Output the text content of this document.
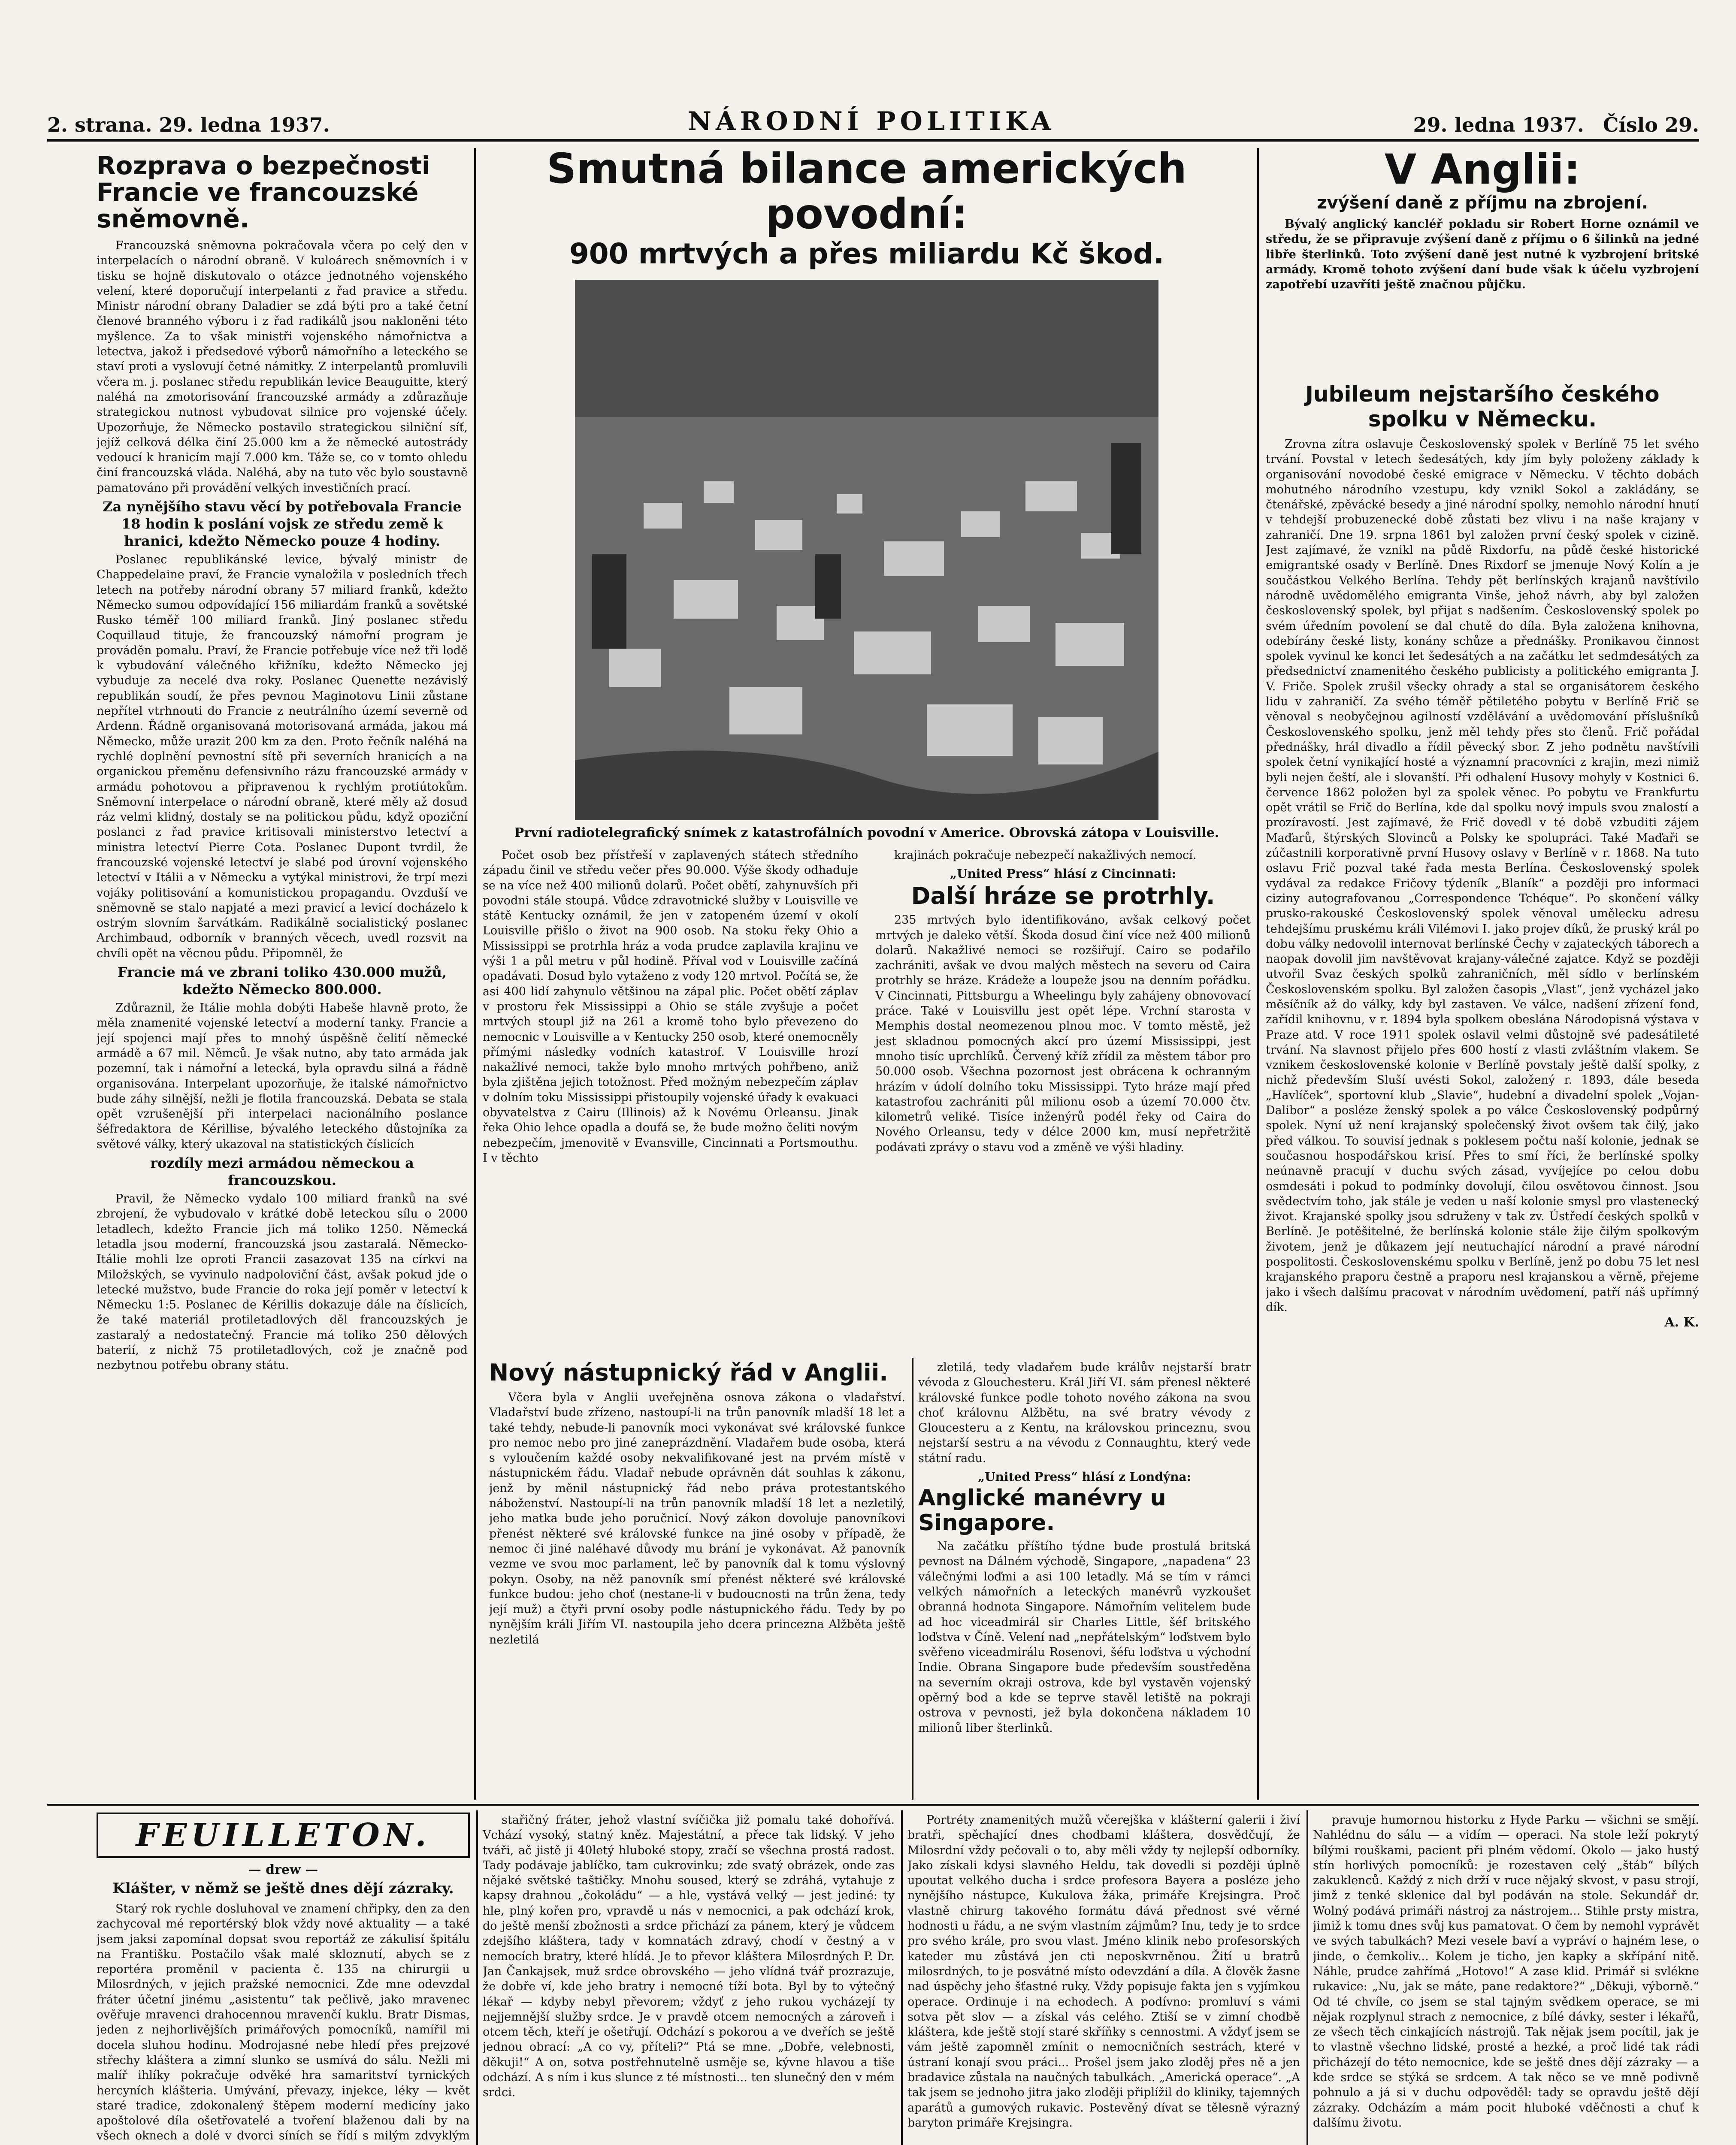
2. strana. 29. ledna 1937.	NÁRODNÍ POLITIKA	29. ledna 1937. Číslo 29.
Rozprava o bezpečnosti Francie ve francouzské sněmovně.

Francouzská sněmovna pokračovala včera po celý den v interpelacích o národní obraně. V kuloárech sněmovních i v tisku se hojně diskutovalo o otázce jednotného vojenského velení, které doporučují interpelanti z řad pravice a středu. Ministr národní obrany Daladier se zdá býti pro a také četní členové branného výboru i z řad radikálů jsou nakloněni této myšlence. Za to však ministři vojenského námořnictva a letectva, jakož i předsedové výborů námořního a leteckého se staví proti a vyslovují četné námitky. Z interpelantů promluvili včera m. j. poslanec středu republikán levice Beauguitte, který naléhá na zmotorisování francouzské armády a zdůrazňuje strategickou nutnost vybudovat silnice pro vojenské účely. Upozorňuje, že Německo postavilo strategickou silniční síť, jejíž celková délka činí 25.000 km a že německé autostrády vedoucí k hranicím mají 7.000 km. Táže se, co v tomto ohledu činí francouzská vláda. Naléhá, aby na tuto věc bylo soustavně pamatováno při provádění velkých investičních prací.

Za nynějšího stavu věcí by potřebovala Francie 18 hodin k poslání vojsk ze středu země k hranici, kdežto Německo pouze 4 hodiny.

Poslanec republikánské levice, bývalý ministr de Chappedelaine praví, že Francie vynaložila v posledních třech letech na potřeby národní obrany 57 miliard franků, kdežto Německo sumou odpovídající 156 miliardám franků a sovětské Rusko téměř 100 miliard franků. Jiný poslanec středu Coquillaud tituje, že francouzský námořní program je prováděn pomalu. Praví, že Francie potřebuje více než tři lodě k vybudování válečného křižníku, kdežto Německo jej vybuduje za necelé dva roky. Poslanec Quenette nezávislý republikán soudí, že přes pevnou Maginotovu Linii zůstane nepřítel vtrhnouti do Francie z neutrálního území severně od Ardenn. Řádně organisovaná motorisovaná armáda, jakou má Německo, může urazit 200 km za den. Proto řečník naléhá na rychlé doplnění pevnostní sítě při severních hranicích a na organickou přeměnu defensivního rázu francouzské armády v armádu pohotovou a připravenou k rychlým protiútokům. Sněmovní interpelace o národní obraně, které měly až dosud ráz velmi klidný, dostaly se na politickou půdu, když opoziční poslanci z řad pravice kritisovali ministerstvo letectví a ministra letectví Pierre Cota. Poslanec Dupont tvrdil, že francouzské vojenské letectví je slabé pod úrovní vojenského letectví v Itálii a v Německu a vytýkal ministrovi, že trpí mezi vojáky politisování a komunistickou propagandu. Ovzduší ve sněmovně se stalo napjaté a mezi pravicí a levicí docházelo k ostrým slovním šarvátkám. Radikálně socialistický poslanec Archimbaud, odborník v branných věcech, uvedl rozsvit na chvíli opět na věcnou půdu. Připomněl, že

Francie má ve zbrani toliko 430.000 mužů, kdežto Německo 800.000.

Zdůraznil, že Itálie mohla dobýti Habeše hlavně proto, že měla znamenité vojenské letectví a moderní tanky. Francie a její spojenci mají přes to mnohý úspěšně čelití německé armádě a 67 mil. Němců. Je však nutno, aby tato armáda jak pozemní, tak i námořní a letecká, byla opravdu silná a řádně organisována. Interpelant upozorňuje, že italské námořnictvo bude záhy silnější, nežli je flotila francouzská. Debata se stala opět vzrušenější při interpelaci nacionálního poslance šéfredaktora de Kérillise, bývalého leteckého důstojníka za světové války, který ukazoval na statistických číslicích

rozdíly mezi armádou německou a francouzskou.

Pravil, že Německo vydalo 100 miliard franků na své zbrojení, že vybudovalo v krátké době leteckou sílu o 2000 letadlech, kdežto Francie jich má toliko 1250. Německá letadla jsou moderní, francouzská jsou zastaralá. Německo-Itálie mohli lze oproti Francii zasazovat 135 na církvi na Miložských, se vyvinulo nadpoloviční část, avšak pokud jde o letecké mužstvo, bude Francie do roka její poměr v letectví k Německu 1:5. Poslanec de Kérillis dokazuje dále na číslicích, že také materiál protiletadlových děl francouzských je zastaralý a nedostatečný. Francie má toliko 250 dělových baterií, z nichž 75 protiletadlových, což je značně pod nezbytnou potřebu obrany státu.

Smutná bilance amerických povodní:
900 mrtvých a přes miliardu Kč škod.
První radiotelegrafický snímek z katastrofálních povodní v Americe. Obrovská zátopa v Louisville.

Počet osob bez přístřeší v zaplavených státech středního západu činil ve středu večer přes 90.000. Výše škody odhaduje se na více než 400 milionů dolarů. Počet obětí, zahynuvších při povodni stále stoupá. Vůdce zdravotnické služby v Louisville ve státě Kentucky oznámil, že jen v zatopeném území v okolí Louisville přišlo o život na 900 osob. Na stoku řeky Ohio a Mississippi se protrhla hráz a voda prudce zaplavila krajinu ve výši 1 a půl metru v půl hodině. Příval vod v Louisville začíná opadávati. Dosud bylo vytaženo z vody 120 mrtvol. Počítá se, že asi 400 lidí zahynulo většinou na zápal plic. Počet obětí záplav v prostoru řek Mississippi a Ohio se stále zvyšuje a počet mrtvých stoupl již na 261 a kromě toho bylo převezeno do nemocnic v Louisville a v Kentucky 250 osob, které onemocněly přímými následky vodních katastrof. V Louisville hrozí nakažlivé nemoci, takže bylo mnoho mrtvých pohřbeno, aniž byla zjištěna jejich totožnost. Před možným nebezpečím záplav v dolním toku Mississippi přistoupily vojenské úřady k evakuaci obyvatelstva z Cairu (Illinois) až k Novému Orleansu. Jinak řeka Ohio lehce opadla a doufá se, že bude možno čeliti novým nebezpečím, jmenovitě v Evansville, Cincinnati a Portsmouthu. I v těchto

krajinách pokračuje nebezpečí nakažlivých nemocí.

„United Press“ hlásí z Cincinnati:
Další hráze se protrhly.

235 mrtvých bylo identifikováno, avšak celkový počet mrtvých je daleko větší. Škoda dosud činí více než 400 milionů dolarů. Nakažlivé nemoci se rozšiřují. Cairo se podařilo zachrániti, avšak ve dvou malých městech na severu od Caira protrhly se hráze. Krádeže a loupeže jsou na denním pořádku. V Cincinnati, Pittsburgu a Wheelingu byly zahájeny obnovovací práce. Také v Louisvillu jest opět lépe. Vrchní starosta v Memphis dostal neomezenou plnou moc. V tomto městě, jež jest skladnou pomocných akcí pro území Mississippi, jest mnoho tisíc uprchlíků. Červený kříž zřídil za městem tábor pro 50.000 osob. Všechna pozornost jest obrácena k ochranným hrázím v údolí dolního toku Mississippi. Tyto hráze mají před katastrofou zachrániti půl milionu osob a území 70.000 čtv. kilometrů veliké. Tisíce inženýrů podél řeky od Caira do Nového Orleansu, tedy v délce 2000 km, musí nepřetržitě podávati zprávy o stavu vod a změně ve výši hladiny.

V Anglii:
zvýšení daně z příjmu na zbrojení.

Bývalý anglický kancléř pokladu sir Robert Horne oznámil ve středu, že se připravuje zvýšení daně z příjmu o 6 šilinků na jedné libře šterlinků. Toto zvýšení daně jest nutné k vyzbrojení britské armády. Kromě tohoto zvýšení daní bude však k účelu vyzbrojení zapotřebí uzavříti ještě značnou půjčku.

Jubileum nejstaršího českého spolku v Německu.

Zrovna zítra oslavuje Československý spolek v Berlíně 75 let svého trvání. Povstal v letech šedesátých, kdy jím byly položeny základy k organisování novodobé české emigrace v Německu. V těchto dobách mohutného národního vzestupu, kdy vznikl Sokol a zakládány, se čtenářské, zpěvácké besedy a jiné národní spolky, nemohlo národní hnutí v tehdejší probuzenecké době zůstati bez vlivu i na naše krajany v zahraničí. Dne 19. srpna 1861 byl založen první český spolek v cizině. Jest zajímavé, že vznikl na půdě Rixdorfu, na půdě české historické emigrantské osady v Berlíně. Dnes Rixdorf se jmenuje Nový Kolín a je součástkou Velkého Berlína. Tehdy pět berlínských krajanů navštívilo národně uvědomělého emigranta Vinše, jehož návrh, aby byl založen československý spolek, byl přijat s nadšením. Československý spolek po svém úředním povolení se dal chutě do díla. Byla založena knihovna, odebírány české listy, konány schůze a přednášky. Pronikavou činnost spolek vyvinul ke konci let šedesátých a na začátku let sedmdesátých za předsednictví znamenitého českého publicisty a politického emigranta J. V. Friče. Spolek zrušil všecky ohrady a stal se organisátorem českého lidu v zahraničí. Za svého téměř pětiletého pobytu v Berlíně Frič se věnoval s neobyčejnou agilností vzdělávání a uvědomování příslušníků Československého spolku, jenž měl tehdy přes sto členů. Frič pořádal přednášky, hrál divadlo a řídil pěvecký sbor. Z jeho podnětu navštívili spolek četní vynikající hosté a významní pracovníci z krajin, mezi nimiž byli nejen čeští, ale i slovanští. Při odhalení Husovy mohyly v Kostnici 6. července 1862 položen byl za spolek věnec. Po pobytu ve Frankfurtu opět vrátil se Frič do Berlína, kde dal spolku nový impuls svou znalostí a prozíravostí. Jest zajímavé, že Frič dovedl v té době vzbuditi zájem Maďarů, štýrských Slovinců a Polsky ke spolupráci. Také Maďaři se zúčastnili korporativně první Husovy oslavy v Berlíně v r. 1868. Na tuto oslavu Frič pozval také řada mesta Berlína. Československý spolek vydával za redakce Fričovy týdeník „Blaník“ a později pro informaci ciziny autografovanou „Correspondence Tchéque“. Po skončení války prusko-rakouské Československý spolek věnoval umělecku adresu tehdejšímu pruskému králi Vilémovi I. jako projev díků, že pruský král po dobu války nedovolil internovat berlínské Čechy v zajateckých táborech a naopak dovolil jim navštěvovat krajany-válečné zajatce. Když se později utvořil Svaz českých spolků zahraničních, měl sídlo v berlínském Československém spolku. Byl založen časopis „Vlast“, jenž vycházel jako měsíčník až do války, kdy byl zastaven. Ve válce, nadšení zřízení fond, zařídil knihovnu, v r. 1894 byla spolkem obeslána Národopisná výstava v Praze atd. V roce 1911 spolek oslavil velmi důstojně své padesátileté trvání. Na slavnost přijelo přes 600 hostí z vlasti zvláštním vlakem. Se vznikem československé kolonie v Berlíně povstaly ještě další spolky, z nichž především Sluší uvésti Sokol, založený r. 1893, dále beseda „Havlíček“, sportovní klub „Slavie“, hudební a divadelní spolek „Vojan-Dalibor“ a posléze ženský spolek a po válce Československý podpůrný spolek. Nyní už není krajanský společenský život ovšem tak čilý, jako před válkou. To souvisí jednak s poklesem počtu naší kolonie, jednak se současnou hospodářskou krisí. Přes to smí říci, že berlínské spolky neúnavně pracují v duchu svých zásad, vyvíjejíce po celou dobu osmdesáti i pokud to podmínky dovolují, čilou osvětovou činnost. Jsou svědectvím toho, jak stále je veden u naší kolonie smysl pro vlastenecký život. Krajanské spolky jsou sdruženy v tak zv. Ústředí českých spolků v Berlíně. Je potěšitelné, že berlínská kolonie stále žije čilým spolkovým životem, jenž je důkazem její neutuchající národní a pravé národní pospolitosti. Československému spolku v Berlíně, jenž po dobu 75 let nesl krajanského praporu čestně a praporu nesl krajanskou a věrně, přejeme jako i všech dalšímu pracovat v národním uvědomení, patří náš upřímný dík.

A. K.
Nový nástupnický řád v Anglii.

Včera byla v Anglii uveřejněna osnova zákona o vladařství. Vladařství bude zřízeno, nastoupí-li na trůn panovník mladší 18 let a také tehdy, nebude-li panovník moci vykonávat své královské funkce pro nemoc nebo pro jiné zaneprázdnění. Vladařem bude osoba, která s vyloučením každé osoby nekvalifikované jest na prvém místě v nástupnickém řádu. Vladař nebude oprávněn dát souhlas k zákonu, jenž by měnil nástupnický řád nebo práva protestantského náboženství. Nastoupí-li na trůn panovník mladší 18 let a nezletilý, jeho matka bude jeho poručnicí. Nový zákon dovoluje panovníkovi přenést některé své královské funkce na jiné osoby v případě, že nemoc či jiné naléhavé důvody mu brání je vykonávat. Až panovník vezme ve svou moc parlament, leč by panovník dal k tomu výslovný pokyn. Osoby, na něž panovník smí přenést některé své královské funkce budou: jeho choť (nestane-li v budoucnosti na trůn žena, tedy její muž) a čtyři první osoby podle nástupnického řádu. Tedy by po nynějším králi Jiřím VI. nastoupila jeho dcera princezna Alžběta ještě nezletilá

zletilá, tedy vladařem bude králův nejstarší bratr vévoda z Glouchesteru. Král Jiří VI. sám přenesl některé královské funkce podle tohoto nového zákona na svou choť královnu Alžbětu, na své bratry vévody z Gloucesteru a z Kentu, na královskou princeznu, svou nejstarší sestru a na vévodu z Connaughtu, který vede státní radu.

„United Press“ hlásí z Londýna:
Anglické manévry u Singapore.

Na začátku příštího týdne bude prostulá britská pevnost na Dálném východě, Singapore, „napadena“ 23 válečnými loďmi a asi 100 letadly. Má se tím v rámci velkých námořních a leteckých manévrů vyzkoušet obranná hodnota Singapore. Námořním velitelem bude ad hoc viceadmirál sir Charles Little, šéf britského loďstva v Číně. Velení nad „nepřátelským“ loďstvem bylo svěřeno viceadmirálu Rosenovi, šéfu loďstva u východní Indie. Obrana Singapore bude především soustředěna na severním okraji ostrova, kde byl vystavěn vojenský opěrný bod a kde se teprve stavěl letiště na pokraji ostrova v pevnosti, jež byla dokončena nákladem 10 milionů liber šterlinků.

FEUILLETON.
— drew —
Klášter, v němž se ještě dnes dějí zázraky.

Starý rok rychle dosluhoval ve znamení chřipky, den za den zachycoval mé reportérský blok vždy nové aktuality — a také jsem jaksi zapomínal dopsat svou reportáž ze zákulisí špitálu na Františku. Postačilo však malé skloznutí, abych se z reportéra proměnil v pacienta č. 135 na chirurgii u Milosrdných, v jejich pražské nemocnici. Zde mne odevzdal fráter účetní jinému „asistentu“ tak pečlivě, jako mravenec ověřuje mravenci drahocennou mravenčí kuklu. Bratr Dismas, jeden z nejhorlivějších primářových pomocníků, namířil mi docela sluhou hodinu. Modrojasné nebe hledí přes prejzové střechy kláštera a zimní slunko se usmívá do sálu. Nežli mi malíř ihlíky pokračuje odvěké hra samaritství tyrnických hercyních klášteria. Umývání, převazy, injekce, léky — květ staré tradice, zdokonalený štěpem moderní medicíny jako apoštolové díla ošetřovatelé a tvoření blaženou dali by na všech oknech a dolé v dvorci síních se řídí s milým zdvyklým

stařičný fráter, jehož vlastní svíčička již pomalu také dohořívá. Vchází vysoký, statný kněz. Majestátní, a přece tak lidský. V jeho tváři, ač jistě ji 40letý hluboké stopy, zračí se všechna prostá radost. Tady podávaje jablíčko, tam cukrovinku; zde svatý obrázek, onde zas nějaké světské taštičky. Mnohu soused, který se zdráhá, vytahuje z kapsy drahnou „čokoládu“ — a hle, vystává velký — jest jediné: ty hle, plný kořen pro, vpravdě u nás v nemocnici, a pak odchází krok, do ještě menší zbožnosti a srdce přichází za pánem, který je vůdcem zdejšího kláštera, tady v komnatách zdravý, chodí v čestný a v nemocích bratry, které hlídá. Je to převor kláštera Milosrdných P. Dr. Jan Čankajsek, muž srdce obrovského — jeho vlídná tvář prozrazuje, že dobře ví, kde jeho bratry i nemocné tíží bota. Byl by to výtečný lékař — kdyby nebyl převorem; vždyť z jeho rukou vycházejí ty nejjemnější služby srdce. Je v pravdě otcem nemocných a zároveň i otcem těch, kteří je ošetřují. Odchází s pokorou a ve dveřích se ještě jednou obrací: „A co vy, příteli?“ Ptá se mne. „Dobře, velebnosti, děkuji!“ A on, sotva postřehnutelně usměje se, kývne hlavou a tiše odchází. A s ním i kus slunce z té místnosti... ten slunečný den v mém srdci.

Portréty znamenitých mužů včerejška v klášterní galerii i živí bratři, spěchající dnes chodbami kláštera, dosvědčují, že Milosrdní vždy pečovali o to, aby měli vždy ty nejlepší odborníky. Jako získali kdysi slavného Heldu, tak dovedli si později úplně upoutat velkého ducha i srdce profesora Bayera a posléze jeho nynějšího nástupce, Kukulova žáka, primáře Krejsingra. Proč vlastně chirurg takového formátu dává přednost své věrné hodnosti u řádu, a ne svým vlastním zájmům? Inu, tedy je to srdce pro svého krále, pro svou vlast. Jméno klinik nebo profesorských kateder mu zůstává jen cti neposkvrněnou. Žití u bratrů milosrdných, to je posvátné místo odevzdání a díla. A člověk žasne nad úspěchy jeho šťastné ruky. Vždy popisuje fakta jen s vyjímkou operace. Ordinuje i na echodech. A podívno: promluví s vámi sotva pět slov — a získal vás celého. Ztiší se v zimní chodbě kláštera, kde ještě stojí staré skříňky s cennostmi. A vždyť jsem se vám ještě zapomněl zmínit o nemocničních sestrách, které v ústraní konají svou práci... Prošel jsem jako zloděj přes ně a jen bradavice zůstala na naučných tabulkách. „Americká operace“. „A tak jsem se jednoho jitra jako zloději připlížil do kliniky, tajemných aparátů a gumových rukavic. Postevěný dívat se tělesně výrazný baryton primáře Krejsingra.

pravuje humornou historku z Hyde Parku — všichni se smějí. Nahlédnu do sálu — a vidím — operaci. Na stole leží pokrytý bílými rouškami, pacient při plném vědomí. Okolo — jako hustý stín horlivých pomocníků: je rozestaven celý „štáb“ bílých zakuklenců. Každý z nich drží v ruce nějaký skvost, v pasu strojí, jimž z tenké sklenice dal byl podáván na stole. Sekundář dr. Wolný podává primáři nástroj za nástrojem... Stihle prsty mistra, jimiž k tomu dnes svůj kus pamatovat. O čem by nemohl vyprávět ve svých tabulkách? Mezi vesele baví a vypráví o hajném lese, o jinde, o čemkoliv... Kolem je ticho, jen kapky a skřípání nitě. Náhle, prudce zahřímá „Hotovo!“ A zase klid. Primář si svlékne rukavice: „Nu, jak se máte, pane redaktore?“ „Děkuji, výborně.“ Od té chvíle, co jsem se stal tajným svědkem operace, se mi nějak rozplynul strach z nemocnice, z bílé dávky, sester i lékařů, ze všech těch cinkajících nástrojů. Tak nějak jsem pocítil, jak je to vlastně všechno lidské, prosté a hezké, a proč lidé tak rádi přicházejí do této nemocnice, kde se ještě dnes dějí zázraky — a kde srdce se stýká se srdcem. A tak něco se ve mně podivně pohnulo a já si v duchu odpověděl: tady se opravdu ještě dějí zázraky. Odcházím a mám pocit hluboké vděčnosti a chuť k dalšímu životu.
